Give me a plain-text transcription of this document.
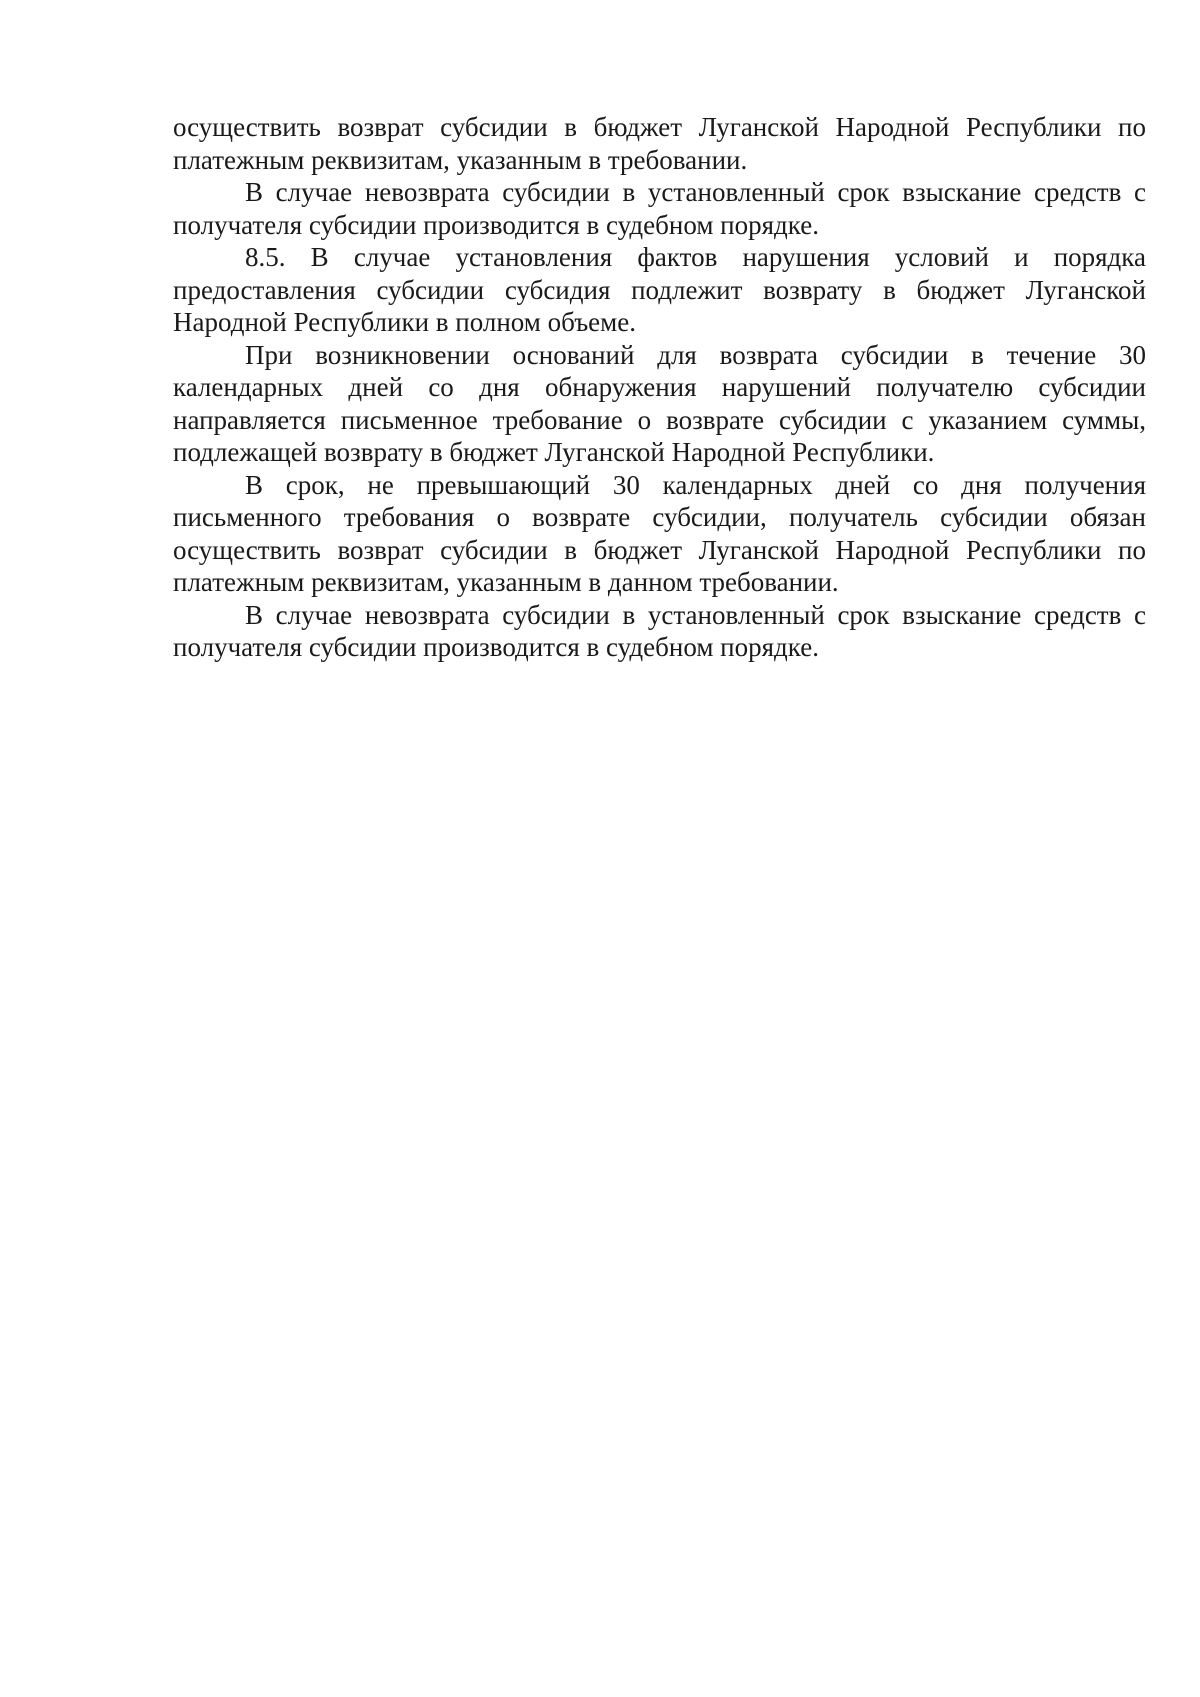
осуществить возврат субсидии в бюджет Луганской Народной Республики по платежным реквизитам, указанным в требовании.

В случае невозврата субсидии в установленный срок взыскание средств с получателя субсидии производится в судебном порядке.

8.5. В случае установления фактов нарушения условий и порядка предоставления субсидии субсидия подлежит возврату в бюджет Луганской Народной Республики в полном объеме.

При возникновении оснований для возврата субсидии в течение 30 календарных дней со дня обнаружения нарушений получателю субсидии направляется письменное требование о возврате субсидии с указанием суммы, подлежащей возврату в бюджет Луганской Народной Республики.

В срок, не превышающий 30 календарных дней со дня получения письменного требования о возврате субсидии, получатель субсидии обязан осуществить возврат субсидии в бюджет Луганской Народной Республики по платежным реквизитам, указанным в данном требовании.

В случае невозврата субсидии в установленный срок взыскание средств с получателя субсидии производится в судебном порядке.
